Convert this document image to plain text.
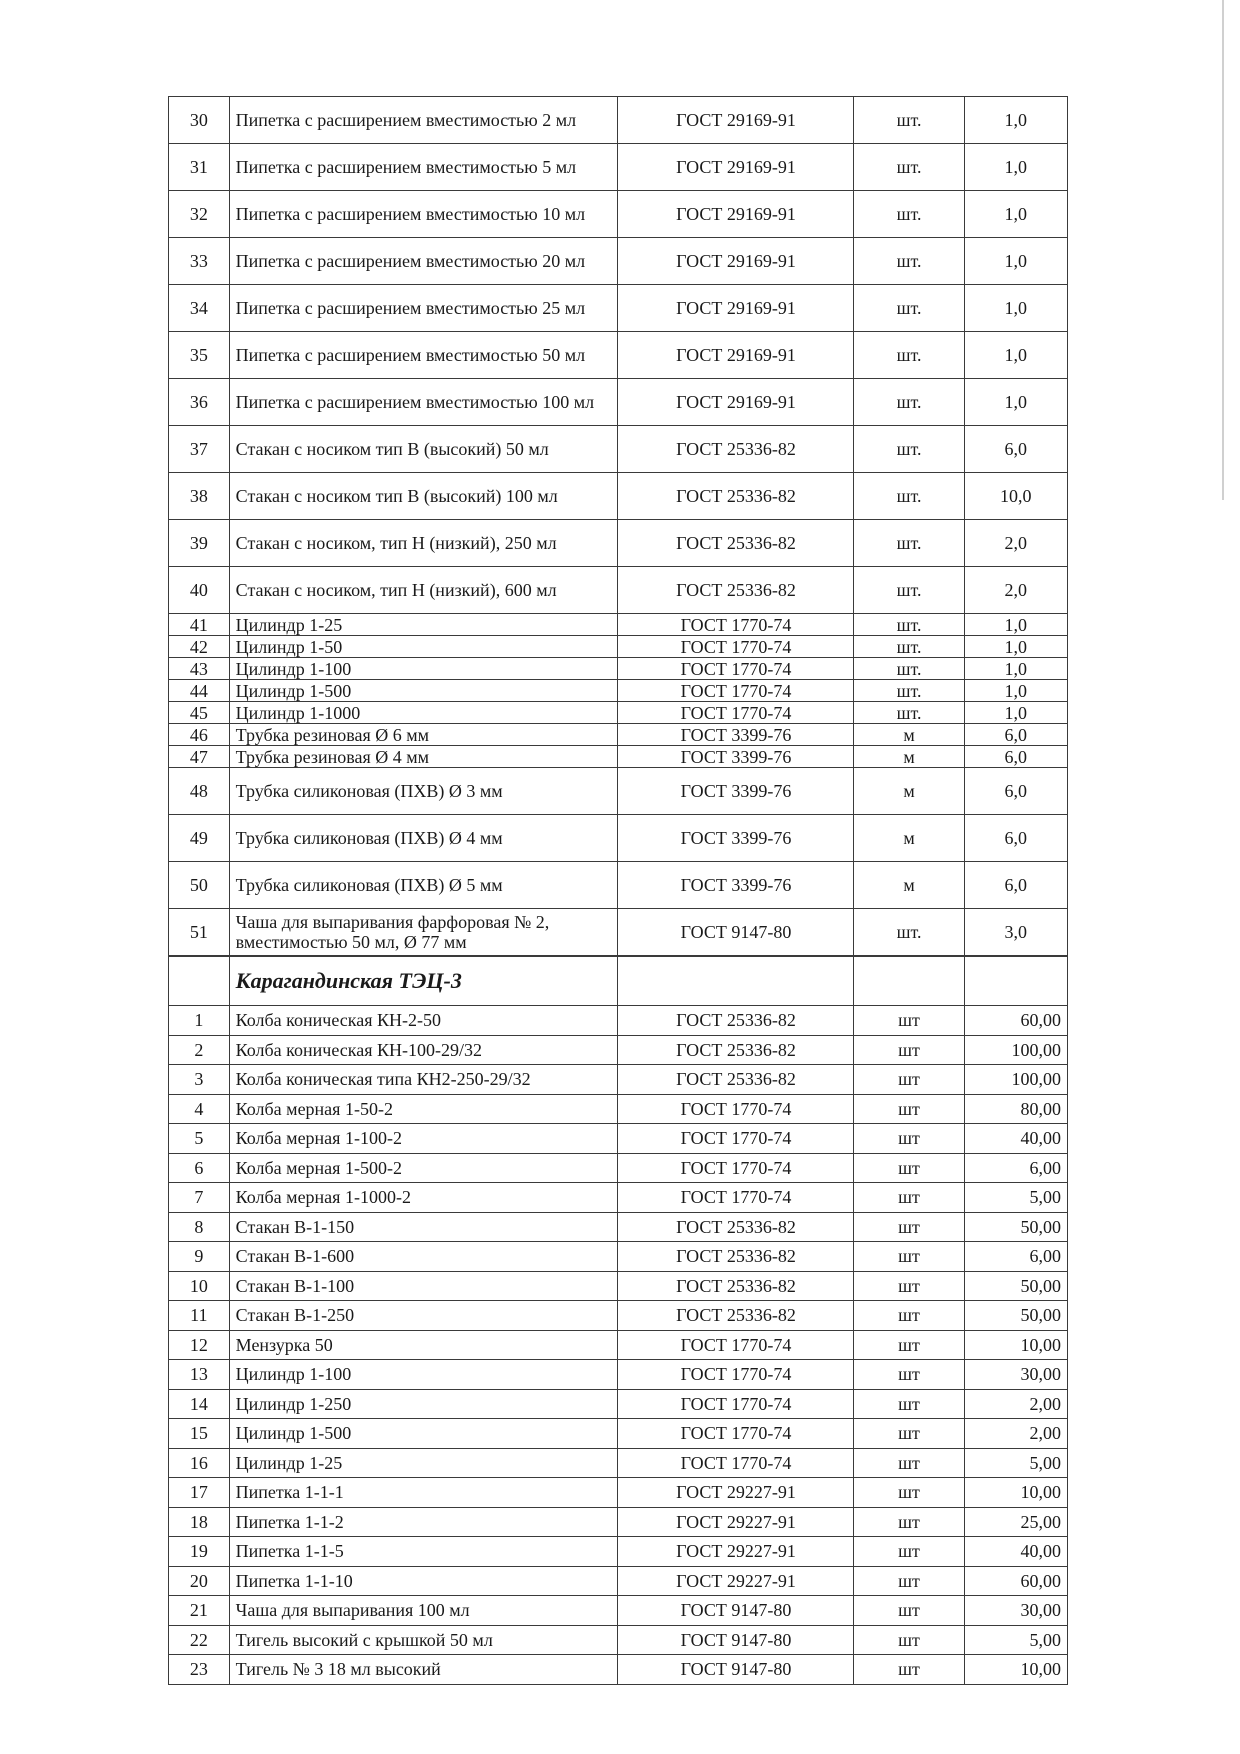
30	Пипетка с расширением вместимостью 2 мл	ГОСТ 29169-91	шт.	1,0
31	Пипетка с расширением вместимостью 5 мл	ГОСТ 29169-91	шт.	1,0
32	Пипетка с расширением вместимостью 10 мл	ГОСТ 29169-91	шт.	1,0
33	Пипетка с расширением вместимостью 20 мл	ГОСТ 29169-91	шт.	1,0
34	Пипетка с расширением вместимостью 25 мл	ГОСТ 29169-91	шт.	1,0
35	Пипетка с расширением вместимостью 50 мл	ГОСТ 29169-91	шт.	1,0
36	Пипетка с расширением вместимостью 100 мл	ГОСТ 29169-91	шт.	1,0
37	Стакан с носиком тип В (высокий) 50 мл	ГОСТ 25336-82	шт.	6,0
38	Стакан с носиком тип В (высокий) 100 мл	ГОСТ 25336-82	шт.	10,0
39	Стакан с носиком, тип Н (низкий), 250 мл	ГОСТ 25336-82	шт.	2,0
40	Стакан с носиком, тип Н (низкий), 600 мл	ГОСТ 25336-82	шт.	2,0
41	Цилиндр 1-25	ГОСТ 1770-74	шт.	1,0
42	Цилиндр 1-50	ГОСТ 1770-74	шт.	1,0
43	Цилиндр 1-100	ГОСТ 1770-74	шт.	1,0
44	Цилиндр 1-500	ГОСТ 1770-74	шт.	1,0
45	Цилиндр 1-1000	ГОСТ 1770-74	шт.	1,0
46	Трубка резиновая Ø 6 мм	ГОСТ 3399-76	м	6,0
47	Трубка резиновая Ø 4 мм	ГОСТ 3399-76	м	6,0
48	Трубка силиконовая (ПХВ) Ø 3 мм	ГОСТ 3399-76	м	6,0
49	Трубка силиконовая (ПХВ) Ø 4 мм	ГОСТ 3399-76	м	6,0
50	Трубка силиконовая (ПХВ) Ø 5 мм	ГОСТ 3399-76	м	6,0
51	Чаша для выпаривания фарфоровая № 2, вместимостью 50 мл, Ø 77 мм	ГОСТ 9147-80	шт.	3,0
	Карагандинская ТЭЦ-3			
1	Колба коническая КН-2-50	ГОСТ 25336-82	шт	60,00
2	Колба коническая КН-100-29/32	ГОСТ 25336-82	шт	100,00
3	Колба коническая типа КН2-250-29/32	ГОСТ 25336-82	шт	100,00
4	Колба мерная 1-50-2	ГОСТ 1770-74	шт	80,00
5	Колба мерная 1-100-2	ГОСТ 1770-74	шт	40,00
6	Колба мерная 1-500-2	ГОСТ 1770-74	шт	6,00
7	Колба мерная 1-1000-2	ГОСТ 1770-74	шт	5,00
8	Стакан В-1-150	ГОСТ 25336-82	шт	50,00
9	Стакан В-1-600	ГОСТ 25336-82	шт	6,00
10	Стакан В-1-100	ГОСТ 25336-82	шт	50,00
11	Стакан В-1-250	ГОСТ 25336-82	шт	50,00
12	Мензурка 50	ГОСТ 1770-74	шт	10,00
13	Цилиндр 1-100	ГОСТ 1770-74	шт	30,00
14	Цилиндр 1-250	ГОСТ 1770-74	шт	2,00
15	Цилиндр 1-500	ГОСТ 1770-74	шт	2,00
16	Цилиндр 1-25	ГОСТ 1770-74	шт	5,00
17	Пипетка 1-1-1	ГОСТ 29227-91	шт	10,00
18	Пипетка 1-1-2	ГОСТ 29227-91	шт	25,00
19	Пипетка 1-1-5	ГОСТ 29227-91	шт	40,00
20	Пипетка 1-1-10	ГОСТ 29227-91	шт	60,00
21	Чаша для выпаривания 100 мл	ГОСТ 9147-80	шт	30,00
22	Тигель высокий с крышкой 50 мл	ГОСТ 9147-80	шт	5,00
23	Тигель № 3 18 мл высокий	ГОСТ 9147-80	шт	10,00
